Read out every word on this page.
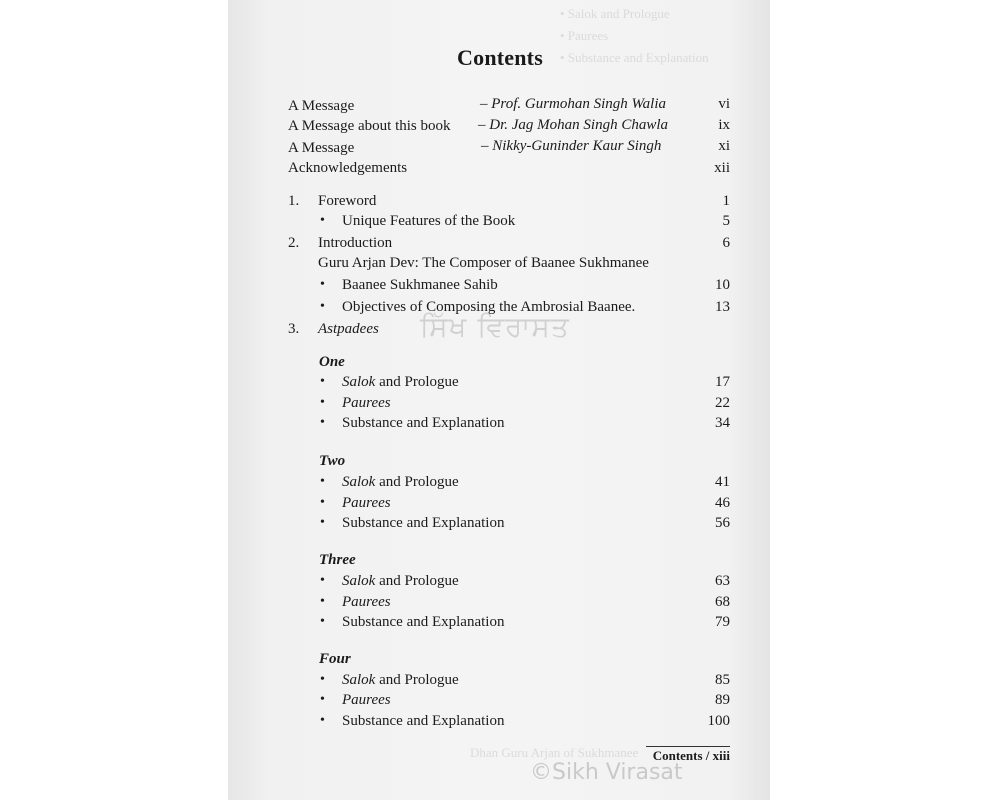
• Salok and Prologue
• Paurees
• Substance and Explanation
Contents
A Message	– Prof. Gurmohan Singh Walia	vi
A Message about this book – Dr. Jag Mohan Singh Chawla	ix
A Message	– Nikky-Guninder Kaur Singh	xi
Acknowledgements	xii
1. Foreword	1
• Unique Features of the Book	5
2. Introduction	6
Guru Arjan Dev: The Composer of Baanee Sukhmanee
• Baanee Sukhmanee Sahib	10
• Objectives of Composing the Ambrosial Baanee.	13
3. Astpadees ਸਿੱਖ ਵਿਰਾਸਤ
One
• Salok and Prologue	17
• Paurees	22
• Substance and Explanation	34
Two
• Salok and Prologue	41
• Paurees	46
• Substance and Explanation	56
Three
• Salok and Prologue	63
• Paurees	68
• Substance and Explanation	79
Four
• Salok and Prologue	85
• Paurees	89
• Substance and Explanation	100
Dhan Guru Arjan of Sukhmanee	Contents / xiii
©Sikh Virasat
